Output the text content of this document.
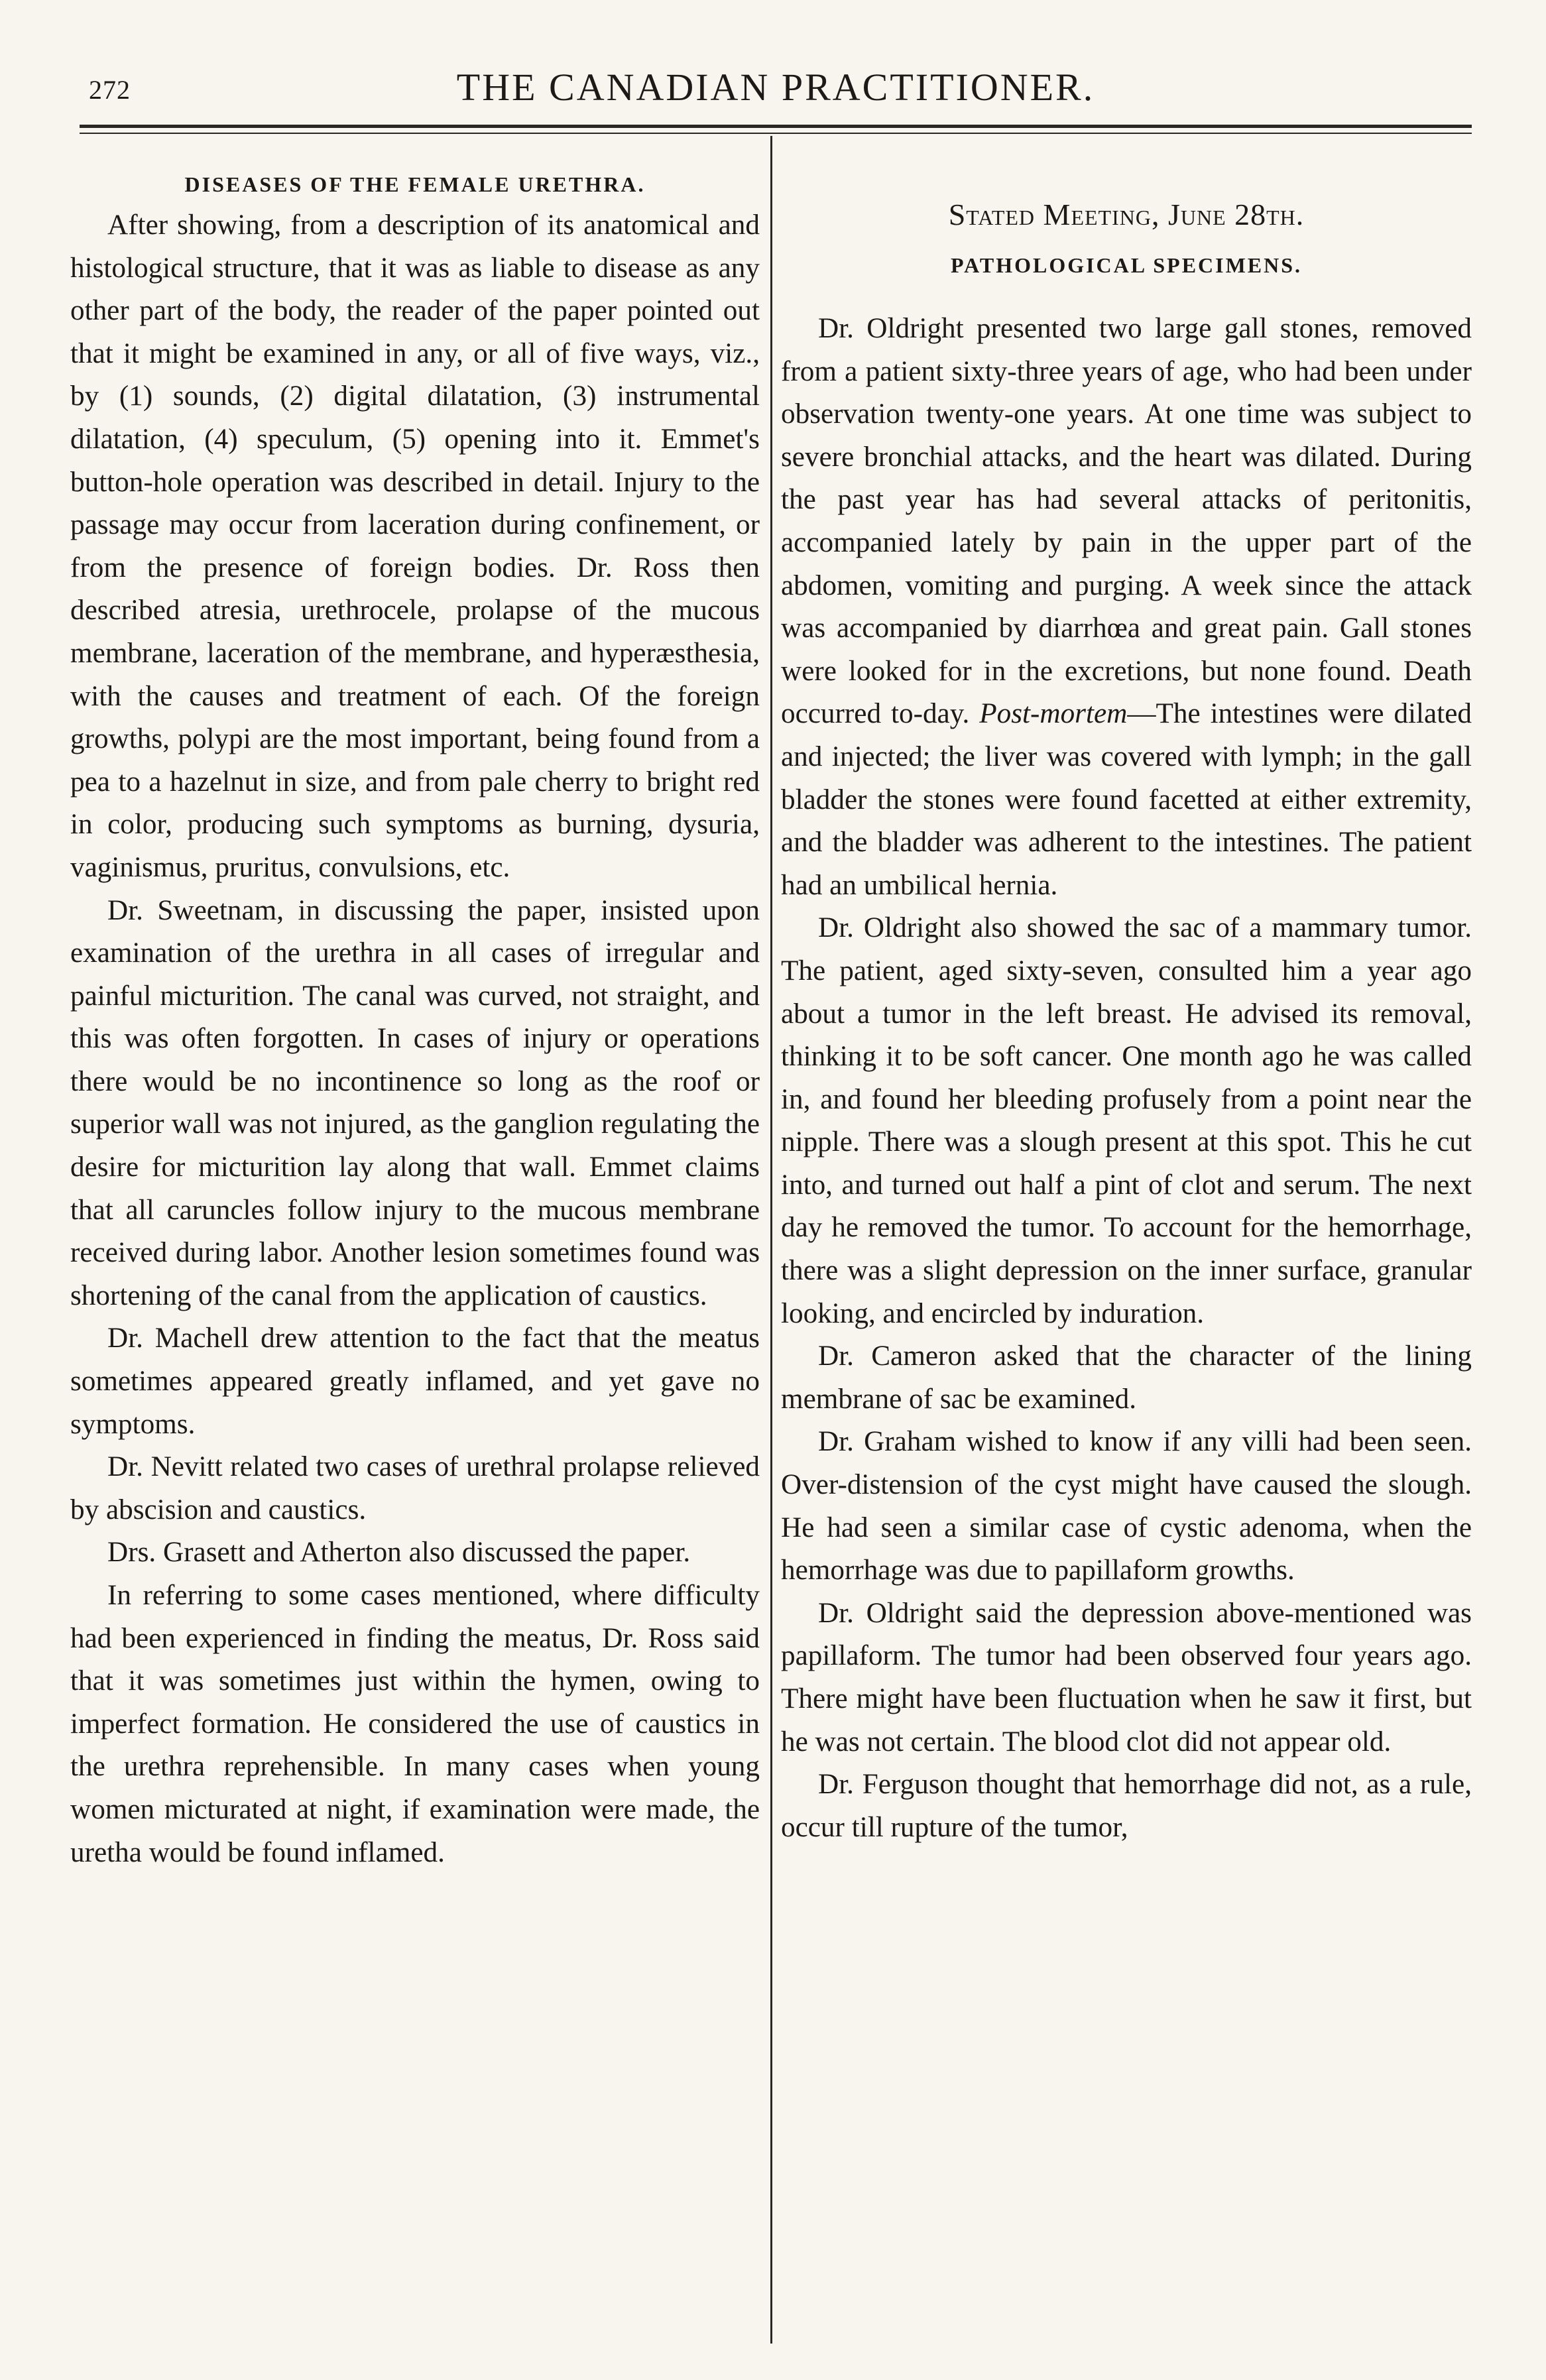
272	THE CANADIAN PRACTITIONER.
DISEASES OF THE FEMALE URETHRA.

After showing, from a description of its anatomical and histological structure, that it was as liable to disease as any other part of the body, the reader of the paper pointed out that it might be examined in any, or all of five ways, viz., by (1) sounds, (2) digital dilatation, (3) instrumental dilatation, (4) speculum, (5) opening into it. Emmet's button-hole operation was described in detail. Injury to the passage may occur from laceration during confinement, or from the presence of foreign bodies. Dr. Ross then described atresia, urethrocele, prolapse of the mucous membrane, laceration of the membrane, and hyperæsthesia, with the causes and treatment of each. Of the foreign growths, polypi are the most important, being found from a pea to a hazelnut in size, and from pale cherry to bright red in color, producing such symptoms as burning, dysuria, vaginismus, pruritus, convulsions, etc.

Dr. Sweetnam, in discussing the paper, insisted upon examination of the urethra in all cases of irregular and painful micturition. The canal was curved, not straight, and this was often forgotten. In cases of injury or operations there would be no incontinence so long as the roof or superior wall was not injured, as the ganglion regulating the desire for micturition lay along that wall. Emmet claims that all caruncles follow injury to the mucous membrane received during labor. Another lesion sometimes found was shortening of the canal from the application of caustics.

Dr. Machell drew attention to the fact that the meatus sometimes appeared greatly inflamed, and yet gave no symptoms.

Dr. Nevitt related two cases of urethral prolapse relieved by abscision and caustics.

Drs. Grasett and Atherton also discussed the paper.

In referring to some cases mentioned, where difficulty had been experienced in finding the meatus, Dr. Ross said that it was sometimes just within the hymen, owing to imperfect formation. He considered the use of caustics in the urethra reprehensible. In many cases when young women micturated at night, if examination were made, the uretha would be found inflamed.

Stated Meeting, June 28th.
PATHOLOGICAL SPECIMENS.

Dr. Oldright presented two large gall stones, removed from a patient sixty-three years of age, who had been under observation twenty-one years. At one time was subject to severe bronchial attacks, and the heart was dilated. During the past year has had several attacks of peritonitis, accompanied lately by pain in the upper part of the abdomen, vomiting and purging. A week since the attack was accompanied by diarrhœa and great pain. Gall stones were looked for in the excretions, but none found. Death occurred to-day. Post-mortem—The intestines were dilated and injected; the liver was covered with lymph; in the gall bladder the stones were found facetted at either extremity, and the bladder was adherent to the intestines. The patient had an umbilical hernia.

Dr. Oldright also showed the sac of a mammary tumor. The patient, aged sixty-seven, consulted him a year ago about a tumor in the left breast. He advised its removal, thinking it to be soft cancer. One month ago he was called in, and found her bleeding profusely from a point near the nipple. There was a slough present at this spot. This he cut into, and turned out half a pint of clot and serum. The next day he removed the tumor. To account for the hemorrhage, there was a slight depression on the inner surface, granular looking, and encircled by induration.

Dr. Cameron asked that the character of the lining membrane of sac be examined.

Dr. Graham wished to know if any villi had been seen. Over-distension of the cyst might have caused the slough. He had seen a similar case of cystic adenoma, when the hemorrhage was due to papillaform growths.

Dr. Oldright said the depression above-mentioned was papillaform. The tumor had been observed four years ago. There might have been fluctuation when he saw it first, but he was not certain. The blood clot did not appear old.

Dr. Ferguson thought that hemorrhage did not, as a rule, occur till rupture of the tumor,
